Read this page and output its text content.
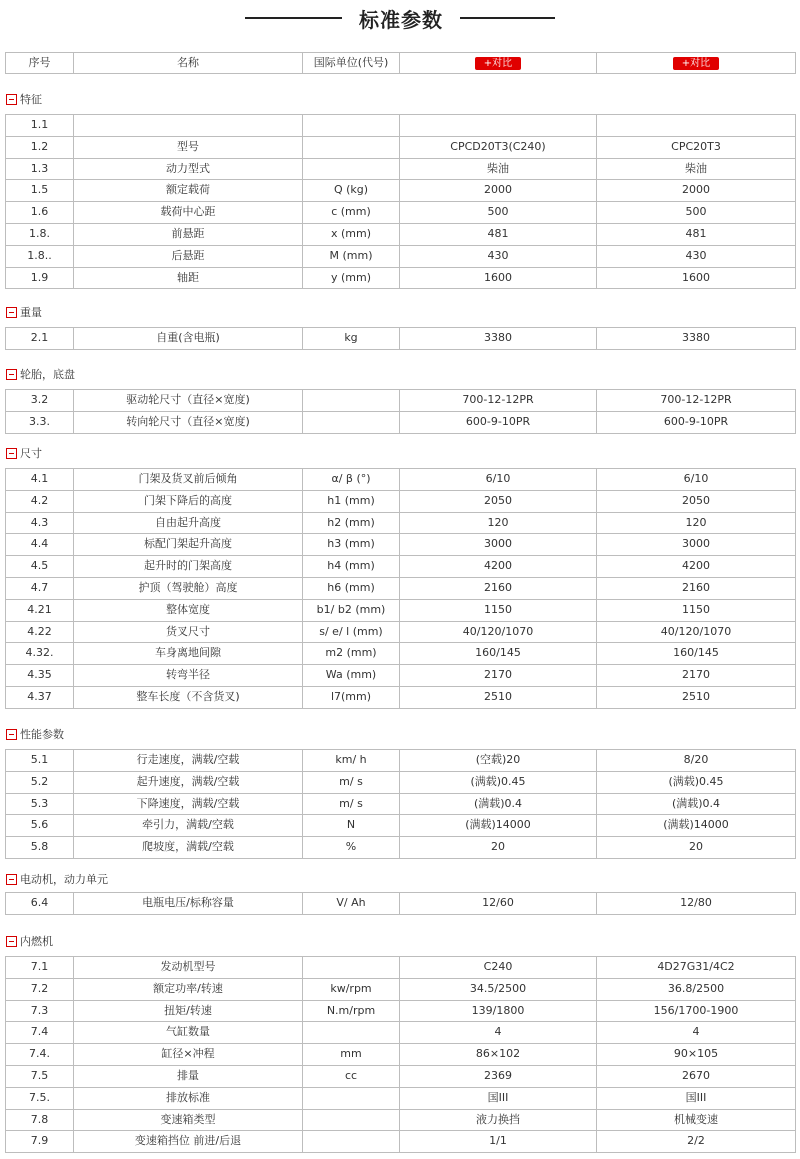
标准参数
序号	名称	国际单位(代号)	+对比	+对比
特征
1.1				
1.2	型号		CPCD20T3(C240)	CPC20T3
1.3	动力型式		柴油	柴油
1.5	额定载荷	Q (kg)	2000	2000
1.6	载荷中心距	c (mm)	500	500
1.8.	前悬距	x (mm)	481	481
1.8..	后悬距	M (mm)	430	430
1.9	轴距	y (mm)	1600	1600
重量
2.1	自重(含电瓶)	kg	3380	3380
轮胎，底盘
3.2	驱动轮尺寸（直径×宽度)		700-12-12PR	700-12-12PR
3.3.	转向轮尺寸（直径×宽度)		600-9-10PR	600-9-10PR
尺寸
4.1	门架及货叉前后倾角	α/ β (°)	6/10	6/10
4.2	门架下降后的高度	h1 (mm)	2050	2050
4.3	自由起升高度	h2 (mm)	120	120
4.4	标配门架起升高度	h3 (mm)	3000	3000
4.5	起升时的门架高度	h4 (mm)	4200	4200
4.7	护顶（驾驶舱）高度	h6 (mm)	2160	2160
4.21	整体宽度	b1/ b2 (mm)	1150	1150
4.22	货叉尺寸	s/ e/ l (mm)	40/120/1070	40/120/1070
4.32.	车身离地间隙	m2 (mm)	160/145	160/145
4.35	转弯半径	Wa (mm)	2170	2170
4.37	整车长度（不含货叉)	l7(mm)	2510	2510
性能参数
5.1	行走速度，满载/空载	km/ h	(空载)20	8/20
5.2	起升速度，满载/空载	m/ s	(满载)0.45	(满载)0.45
5.3	下降速度，满载/空载	m/ s	(满载)0.4	(满载)0.4
5.6	牵引力，满载/空载	N	(满载)14000	(满载)14000
5.8	爬坡度，满载/空载	%	20	20
电动机，动力单元
6.4	电瓶电压/标称容量	V/ Ah	12/60	12/80
内燃机
7.1	发动机型号		C240	4D27G31/4C2
7.2	额定功率/转速	kw/rpm	34.5/2500	36.8/2500
7.3	扭矩/转速	N.m/rpm	139/1800	156/1700-1900
7.4	气缸数量		4	4
7.4.	缸径×冲程	mm	86×102	90×105
7.5	排量	cc	2369	2670
7.5.	排放标准		国III	国III
7.8	变速箱类型		液力换挡	机械变速
7.9	变速箱挡位 前进/后退		1/1	2/2
